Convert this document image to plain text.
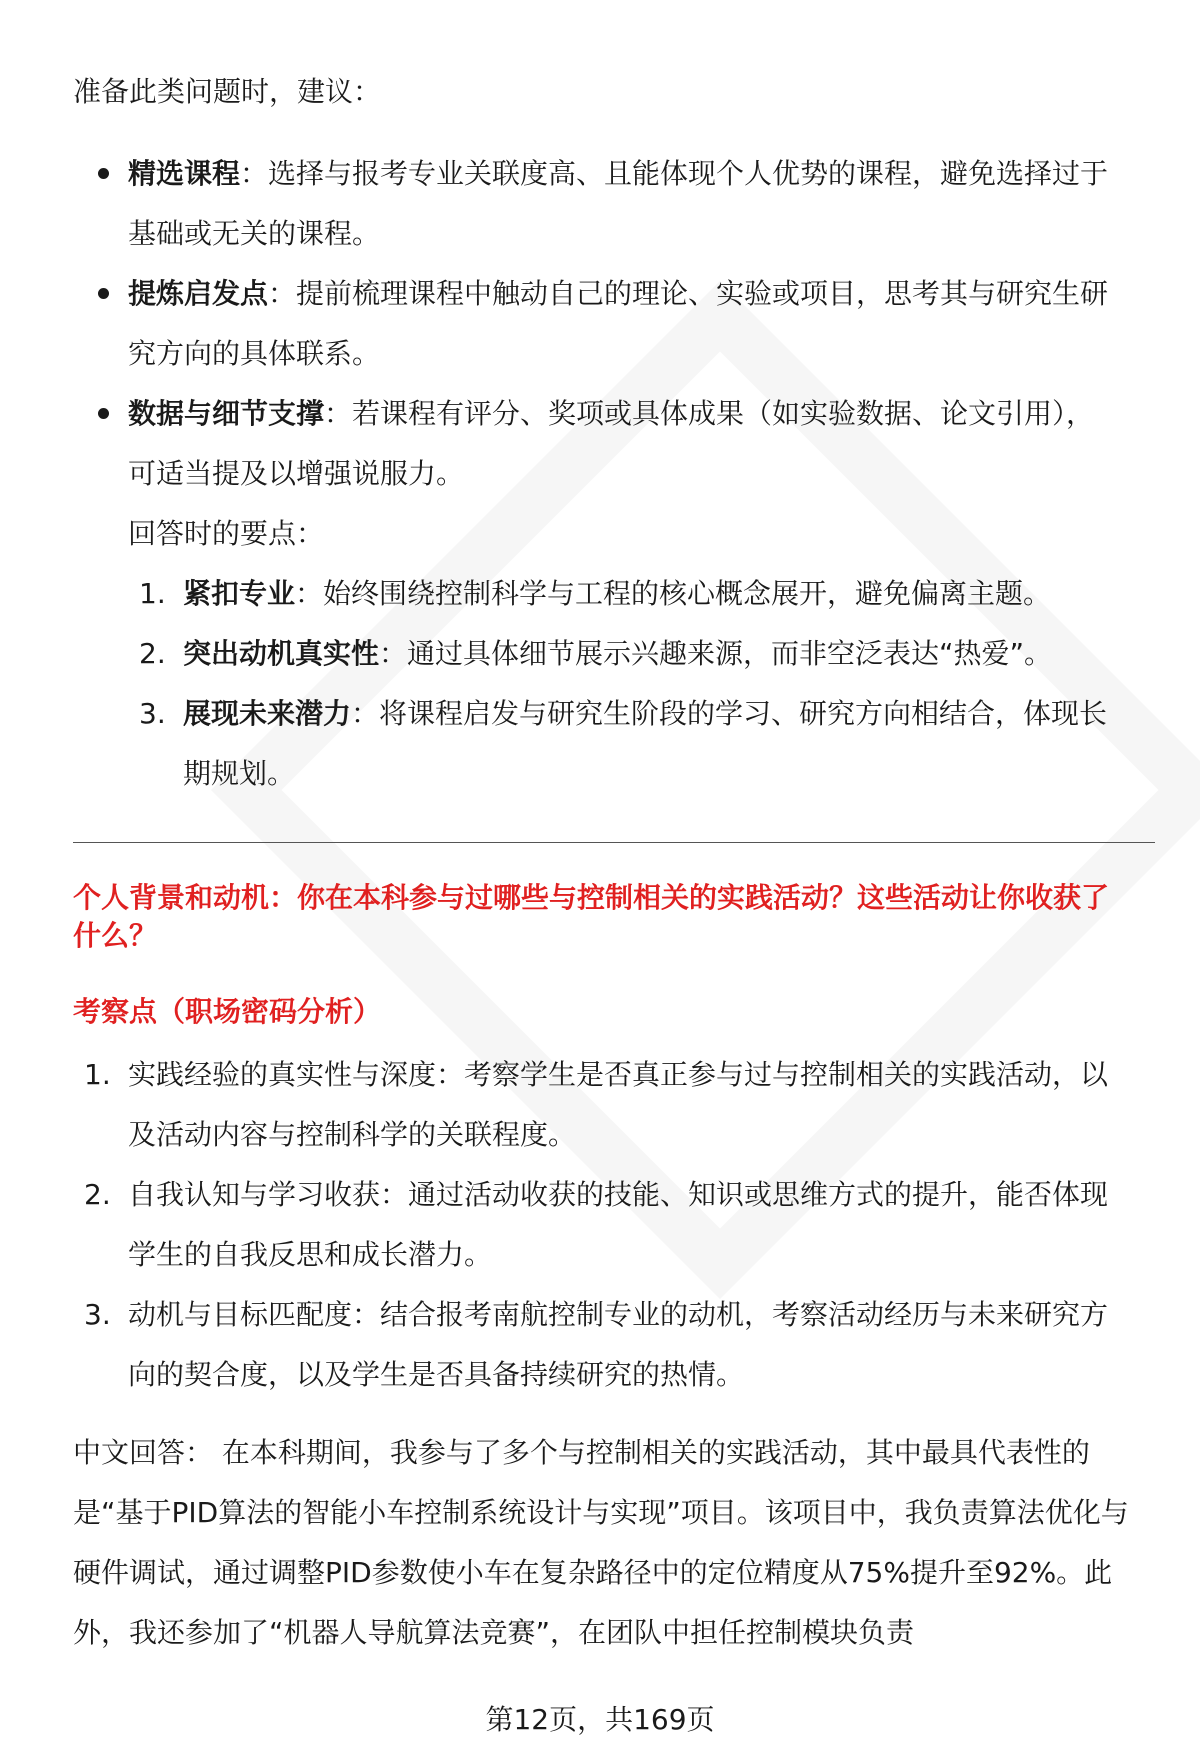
准备此类问题时，建议：

精选课程：选择与报考专业关联度高、且能体现个人优势的课程，避免选择过于基础或无关的课程。
提炼启发点：提前梳理课程中触动自己的理论、实验或项目，思考其与研究生研究方向的具体联系。
数据与细节支撑：若课程有评分、奖项或具体成果（如实验数据、论文引用），可适当提及以增强说服力。
回答时的要点：
1. 紧扣专业：始终围绕控制科学与工程的核心概念展开，避免偏离主题。
2. 突出动机真实性：通过具体细节展示兴趣来源，而非空泛表达“热爱”。
3. 展现未来潜力：将课程启发与研究生阶段的学习、研究方向相结合，体现长期规划。

个人背景和动机：你在本科参与过哪些与控制相关的实践活动？这些活动让你收获了什么？

考察点（职场密码分析）

1. 实践经验的真实性与深度：考察学生是否真正参与过与控制相关的实践活动，以及活动内容与控制科学的关联程度。
2. 自我认知与学习收获：通过活动收获的技能、知识或思维方式的提升，能否体现学生的自我反思和成长潜力。
3. 动机与目标匹配度：结合报考南航控制专业的动机，考察活动经历与未来研究方向的契合度，以及学生是否具备持续研究的热情。

中文回答： 在本科期间，我参与了多个与控制相关的实践活动，其中最具代表性的是“基于PID算法的智能小车控制系统设计与实现”项目。该项目中，我负责算法优化与硬件调试，通过调整PID参数使小车在复杂路径中的定位精度从75%提升至92%。此外，我还参加了“机器人导航算法竞赛”，在团队中担任控制模块负责

第12页，共169页
